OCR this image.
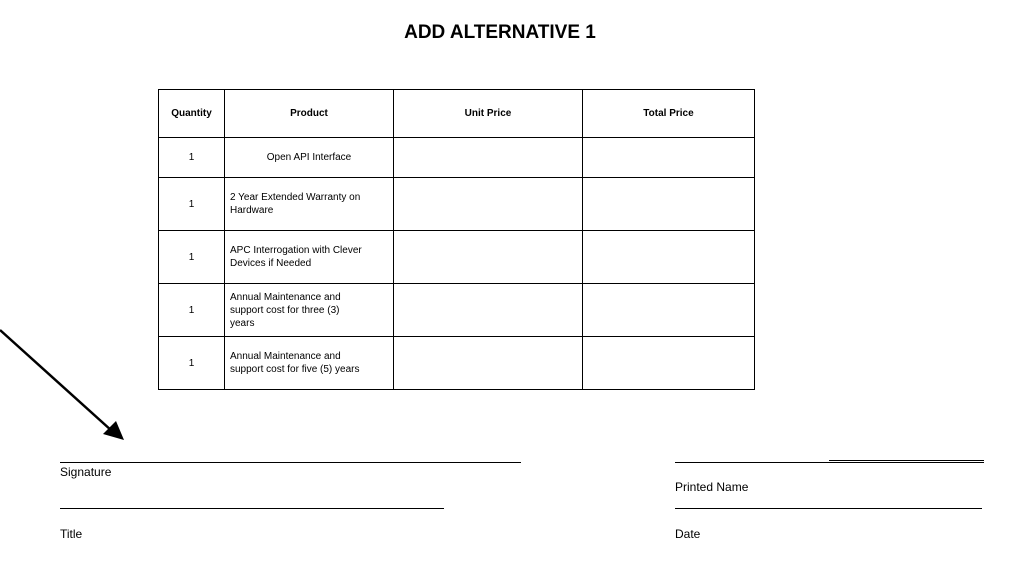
ADD ALTERNATIVE 1
Quantity	Product	Unit Price	Total Price
1	Open API Interface		
1	2 Year Extended Warranty on Hardware		
1	APC Interrogation with Clever Devices if Needed		
1	Annual Maintenance and support cost for three (3) years		
1	Annual Maintenance and support cost for five (5) years		
Signature
Printed Name
Title	Date
